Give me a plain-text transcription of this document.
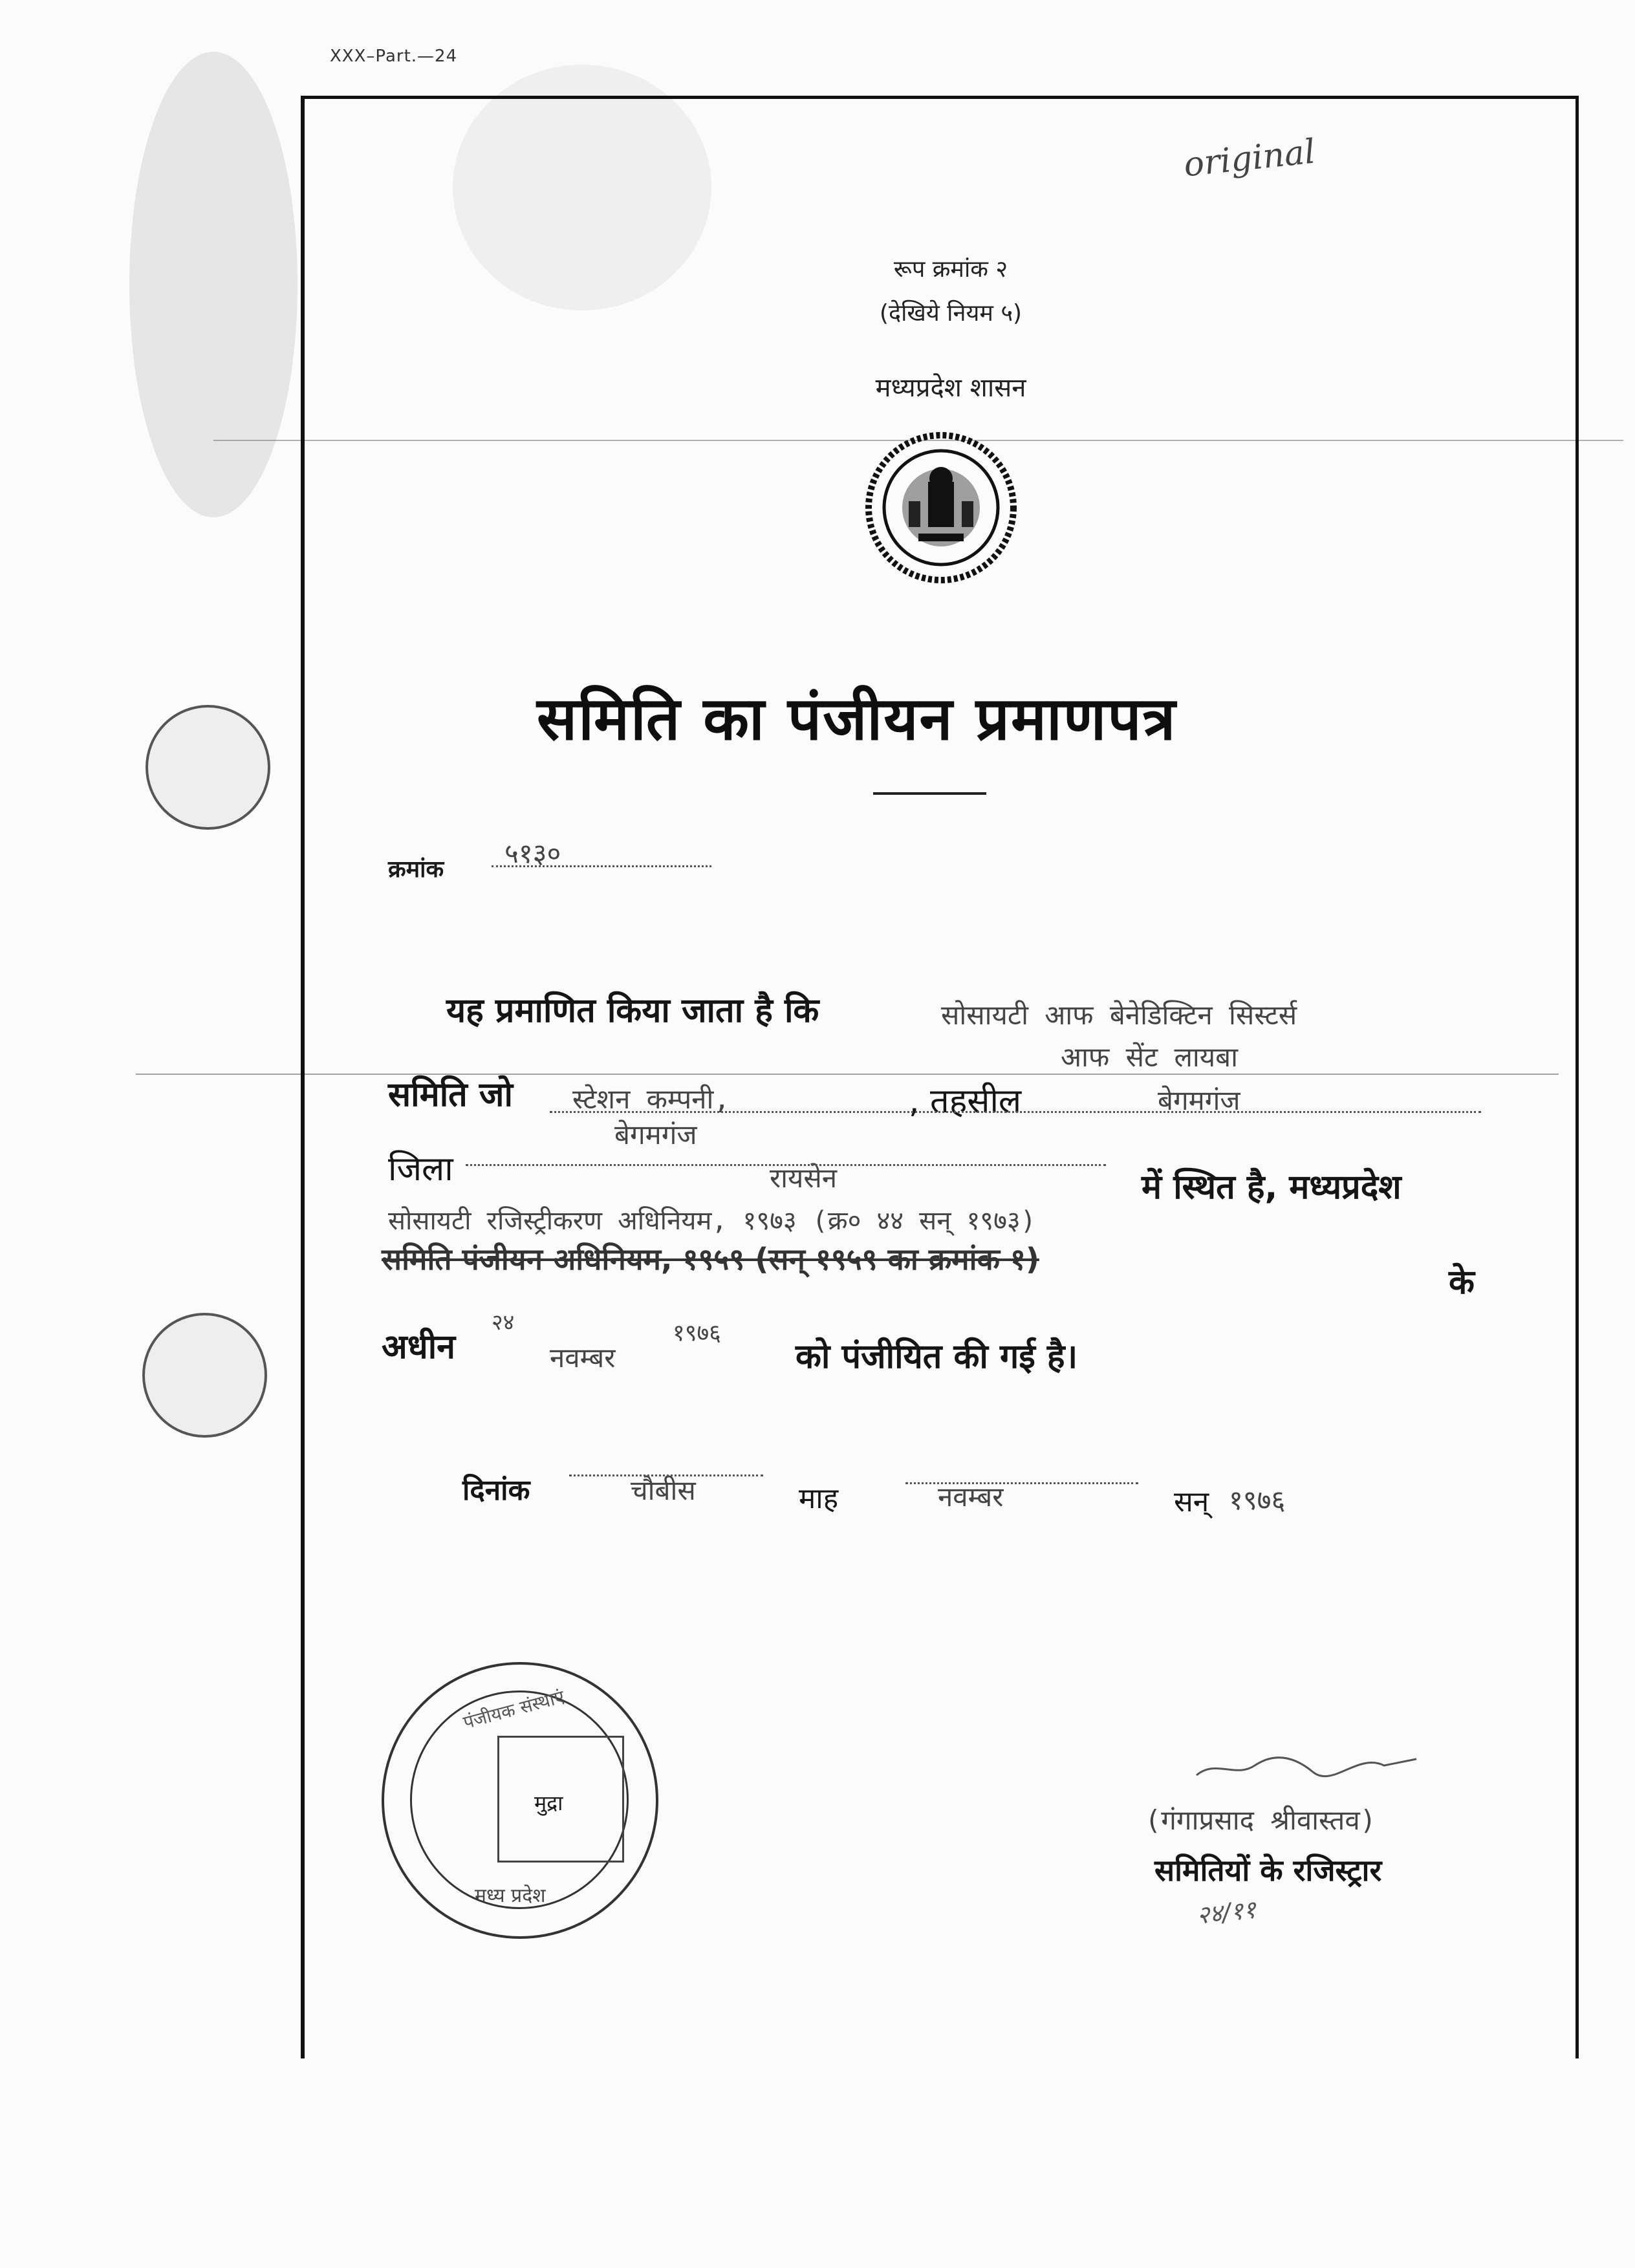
XXX–Part.—24
original
रूप क्रमांक २
(देखिये नियम ५)
मध्यप्रदेश शासन
समिति का पंजीयन प्रमाणपत्र
क्रमांक
५१३०
यह प्रमाणित किया जाता है कि	सोसायटी आफ बेनेडिक्टिन सिस्टर्स
आफ सेंट लायबा
समिति जो स्टेशन कम्पनी,	, तहसील	बेगमगंज
बेगमगंज
जिला	रायसेन	में स्थित है, मध्यप्रदेश
सोसायटी रजिस्ट्रीकरण अधिनियम, १९७३ (क्र० ४४ सन् १९७३)
समिति पंजीयन अधिनियम, १९५९ (सन् १९५९ का क्रमांक १)
के
अधीन
२४
नवम्बर
१९७६
को पंजीयित की गई है।
दिनांक	चौबीस	माह	नवम्बर	सन् १९७६
मुद्रा
पंजीयक संस्थाएं
मध्य प्रदेश
(गंगाप्रसाद श्रीवास्तव)
समितियों के रजिस्ट्रार
२४/११
